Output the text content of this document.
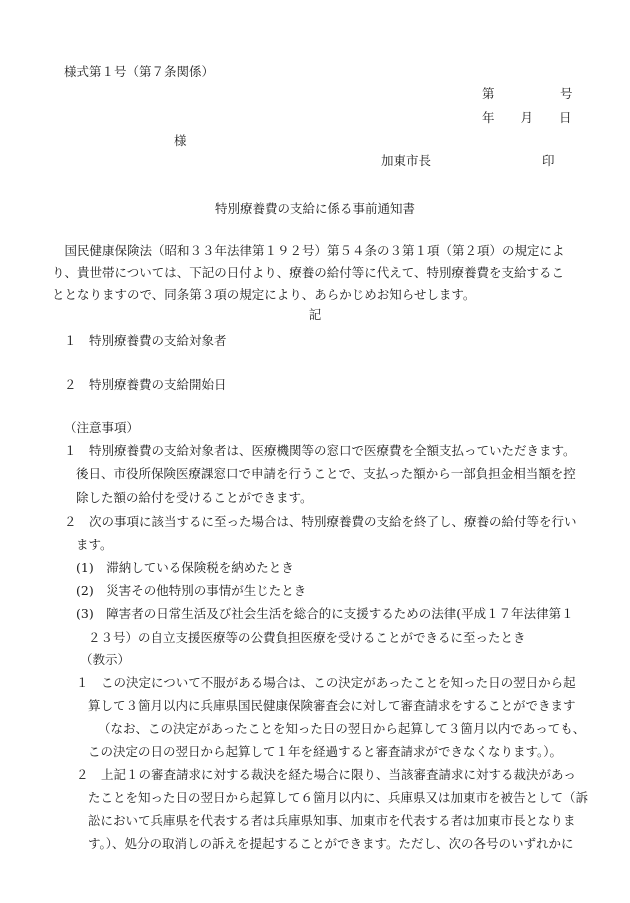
様式第１号（第７条関係）
第	号
年 月 日
様
加東市長	印
特別療養費の支給に係る事前通知書
　国民健康保険法（昭和３３年法律第１９２号）第５４条の３第１項（第２項）の規定によ
り、貴世帯については、下記の日付より、療養の給付等に代えて、特別療養費を支給するこ
ととなりますので、同条第３項の規定により、あらかじめお知らせします。
記
１　特別療養費の支給対象者
２　特別療養費の支給開始日
（注意事項）
１　特別療養費の支給対象者は、医療機関等の窓口で医療費を全額支払っていただきます。
後日、市役所保険医療課窓口で申請を行うことで、支払った額から一部負担金相当額を控
除した額の給付を受けることができます。
２　次の事項に該当するに至った場合は、特別療養費の支給を終了し、療養の給付等を行い
ます。
(1)　滞納している保険税を納めたとき
(2)　災害その他特別の事情が生じたとき
(3)　障害者の日常生活及び社会生活を総合的に支援するための法律(平成１７年法律第１
２３号）の自立支援医療等の公費負担医療を受けることができるに至ったとき
（教示）
１　この決定について不服がある場合は、この決定があったことを知った日の翌日から起
算して３箇月以内に兵庫県国民健康保険審査会に対して審査請求をすることができます
（なお、この決定があったことを知った日の翌日から起算して３箇月以内であっても、
この決定の日の翌日から起算して１年を経過すると審査請求ができなくなります。）。
２　上記１の審査請求に対する裁決を経た場合に限り、当該審査請求に対する裁決があっ
たことを知った日の翌日から起算して６箇月以内に、兵庫県又は加東市を被告として（訴
訟において兵庫県を代表する者は兵庫県知事、加東市を代表する者は加東市長となりま
す。）、処分の取消しの訴えを提起することができます。ただし、次の各号のいずれかに
